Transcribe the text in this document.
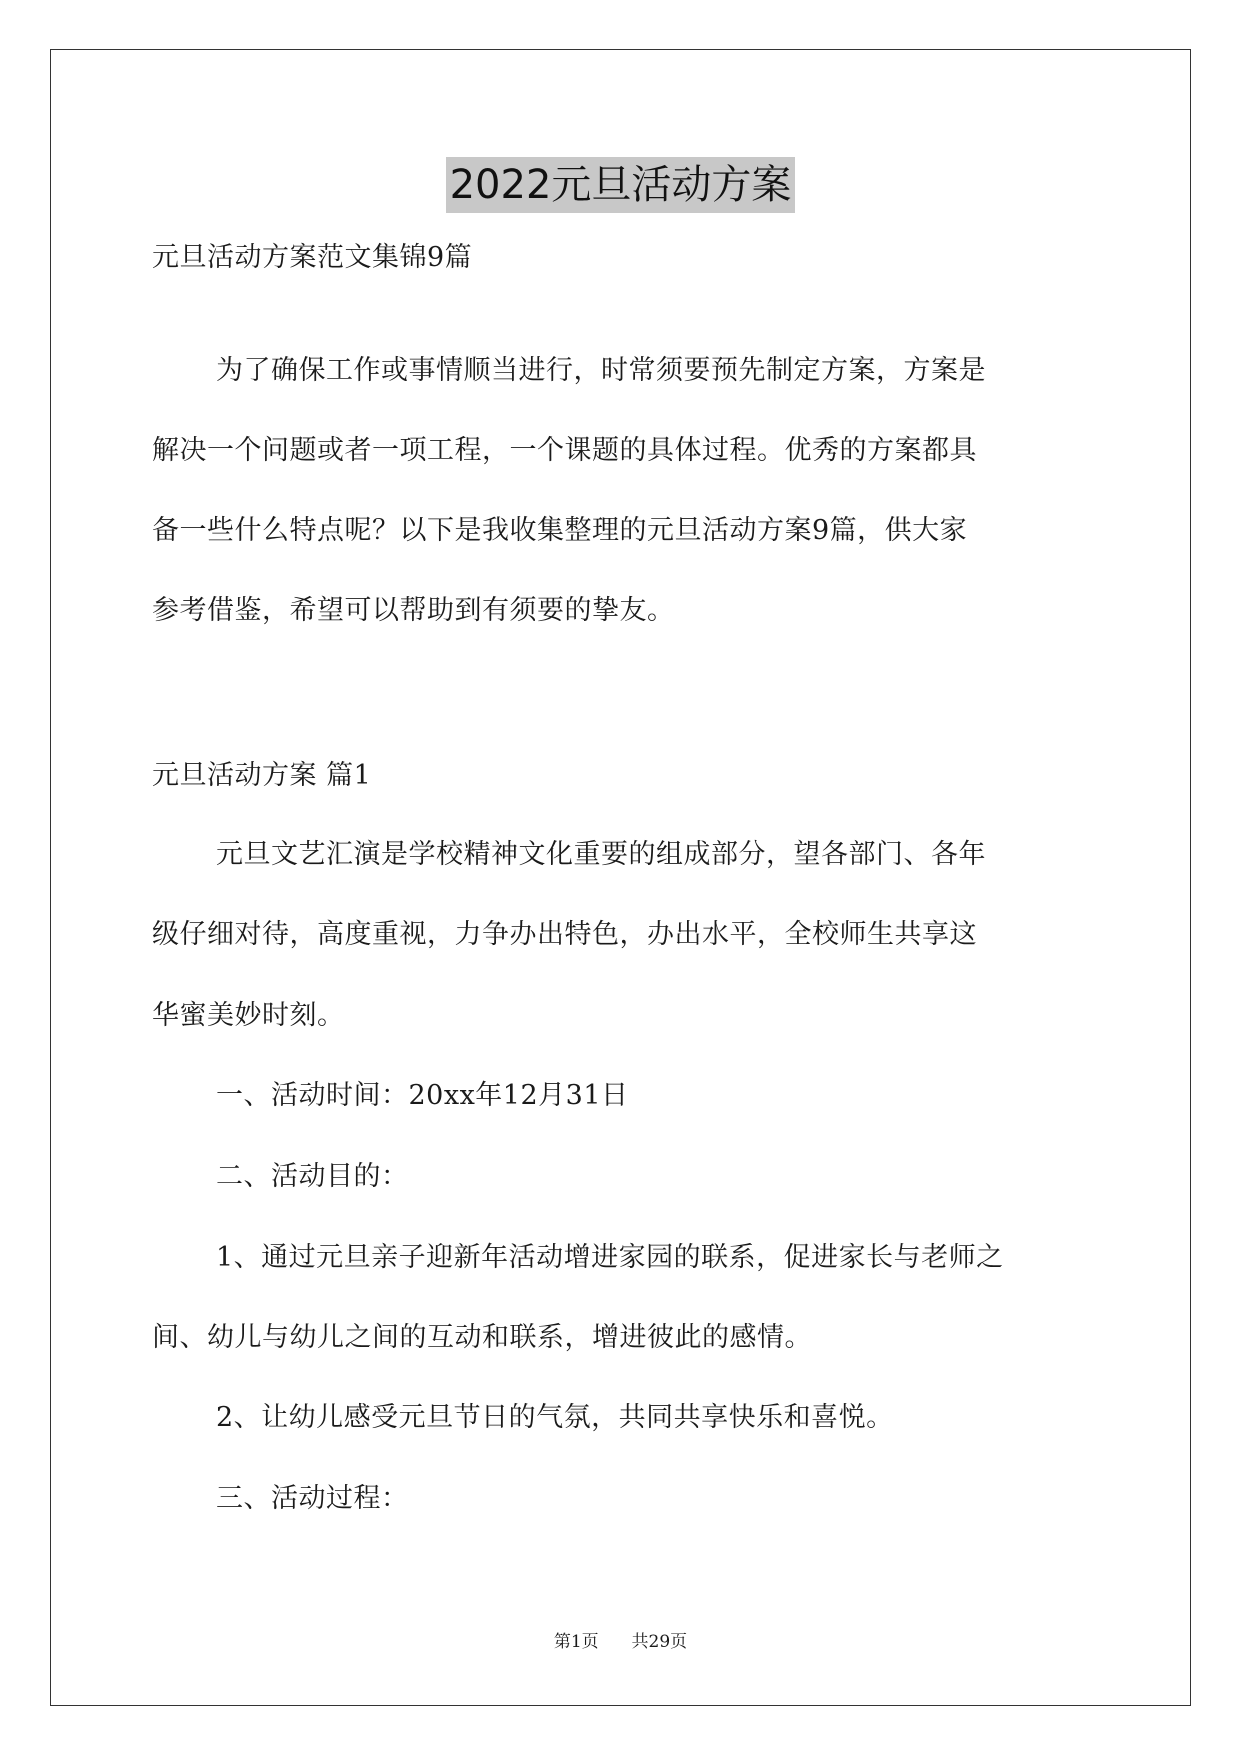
2022元旦活动方案
元旦活动方案范文集锦9篇
为了确保工作或事情顺当进行，时常须要预先制定方案，方案是
解决一个问题或者一项工程，一个课题的具体过程。优秀的方案都具
备一些什么特点呢？以下是我收集整理的元旦活动方案9篇，供大家
参考借鉴，希望可以帮助到有须要的挚友。
元旦活动方案 篇1
元旦文艺汇演是学校精神文化重要的组成部分，望各部门、各年
级仔细对待，高度重视，力争办出特色，办出水平，全校师生共享这
华蜜美妙时刻。
一、活动时间：20xx年12月31日
二、活动目的：
1、通过元旦亲子迎新年活动增进家园的联系，促进家长与老师之
间、幼儿与幼儿之间的互动和联系，增进彼此的感情。
2、让幼儿感受元旦节日的气氛，共同共享快乐和喜悦。
三、活动过程：
第1页 共29页
